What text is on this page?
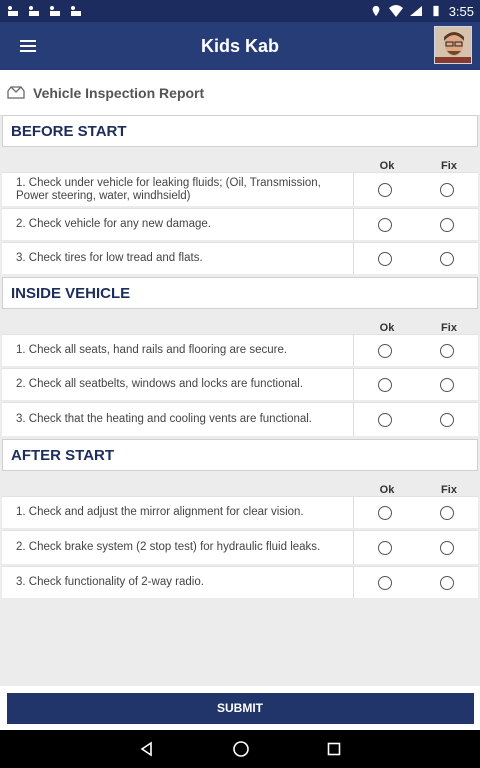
3:55
Kids Kab
Vehicle Inspection Report
BEFORE START
Ok	Fix
1. Check under vehicle for leaking fluids; (Oil, Transmission, Power steering, water, windhsield)
2. Check vehicle for any new damage.
3. Check tires for low tread and flats.
INSIDE VEHICLE
Ok	Fix
1. Check all seats, hand rails and flooring are secure.
2. Check all seatbelts, windows and locks are functional.
3. Check that the heating and cooling vents are functional.
AFTER START
Ok	Fix
1. Check and adjust the mirror alignment for clear vision.
2. Check brake system (2 stop test) for hydraulic fluid leaks.
3. Check functionality of 2-way radio.
SUBMIT
